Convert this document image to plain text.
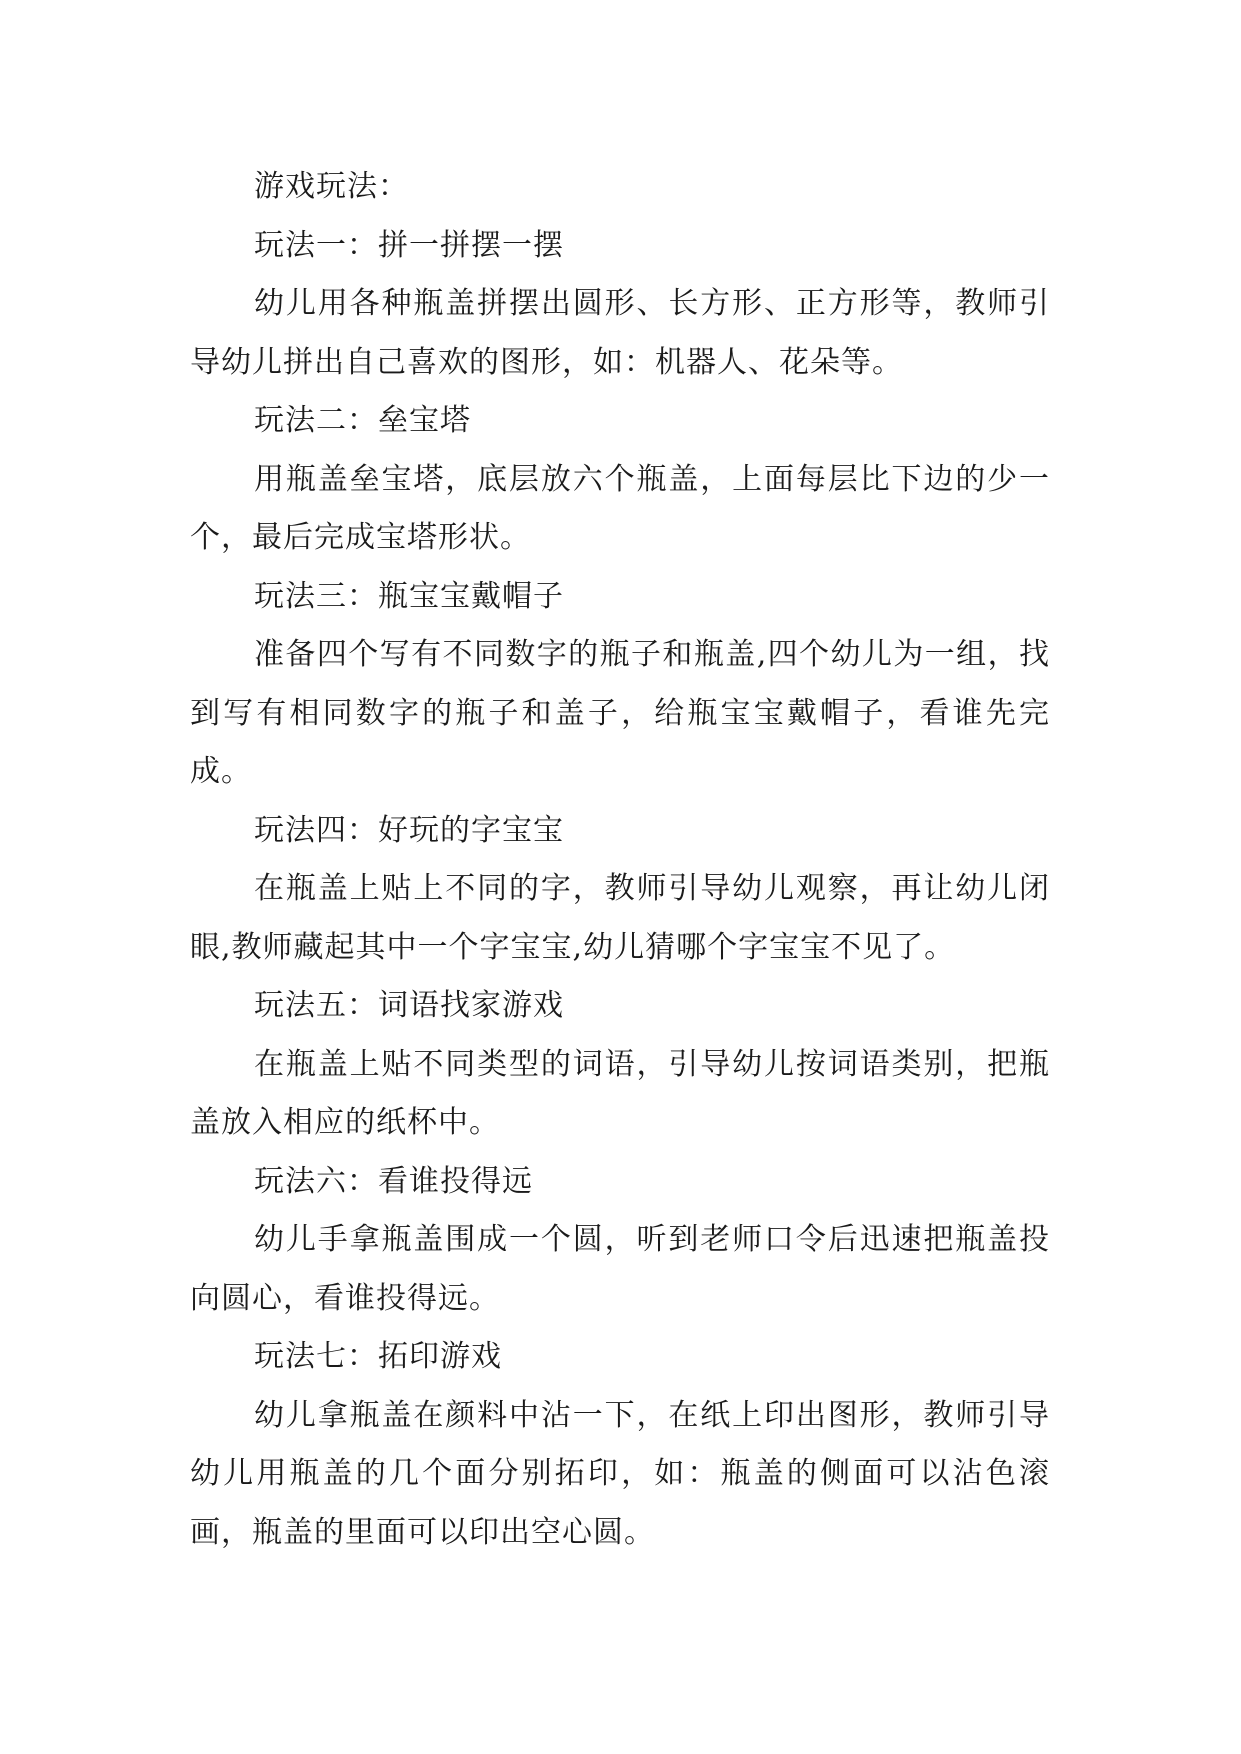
游戏玩法：

玩法一：拼一拼摆一摆

幼儿用各种瓶盖拼摆出圆形、长方形、正方形等，教师引导幼儿拼出自己喜欢的图形，如：机器人、花朵等。

玩法二：垒宝塔

用瓶盖垒宝塔，底层放六个瓶盖，上面每层比下边的少一个，最后完成宝塔形状。

玩法三：瓶宝宝戴帽子

准备四个写有不同数字的瓶子和瓶盖,四个幼儿为一组，找到写有相同数字的瓶子和盖子，给瓶宝宝戴帽子，看谁先完成。

玩法四：好玩的字宝宝

在瓶盖上贴上不同的字，教师引导幼儿观察，再让幼儿闭眼,教师藏起其中一个字宝宝,幼儿猜哪个字宝宝不见了。

玩法五：词语找家游戏

在瓶盖上贴不同类型的词语，引导幼儿按词语类别，把瓶盖放入相应的纸杯中。

玩法六：看谁投得远

幼儿手拿瓶盖围成一个圆，听到老师口令后迅速把瓶盖投向圆心，看谁投得远。

玩法七：拓印游戏

幼儿拿瓶盖在颜料中沾一下，在纸上印出图形，教师引导幼儿用瓶盖的几个面分别拓印，如：瓶盖的侧面可以沾色滚画，瓶盖的里面可以印出空心圆。
